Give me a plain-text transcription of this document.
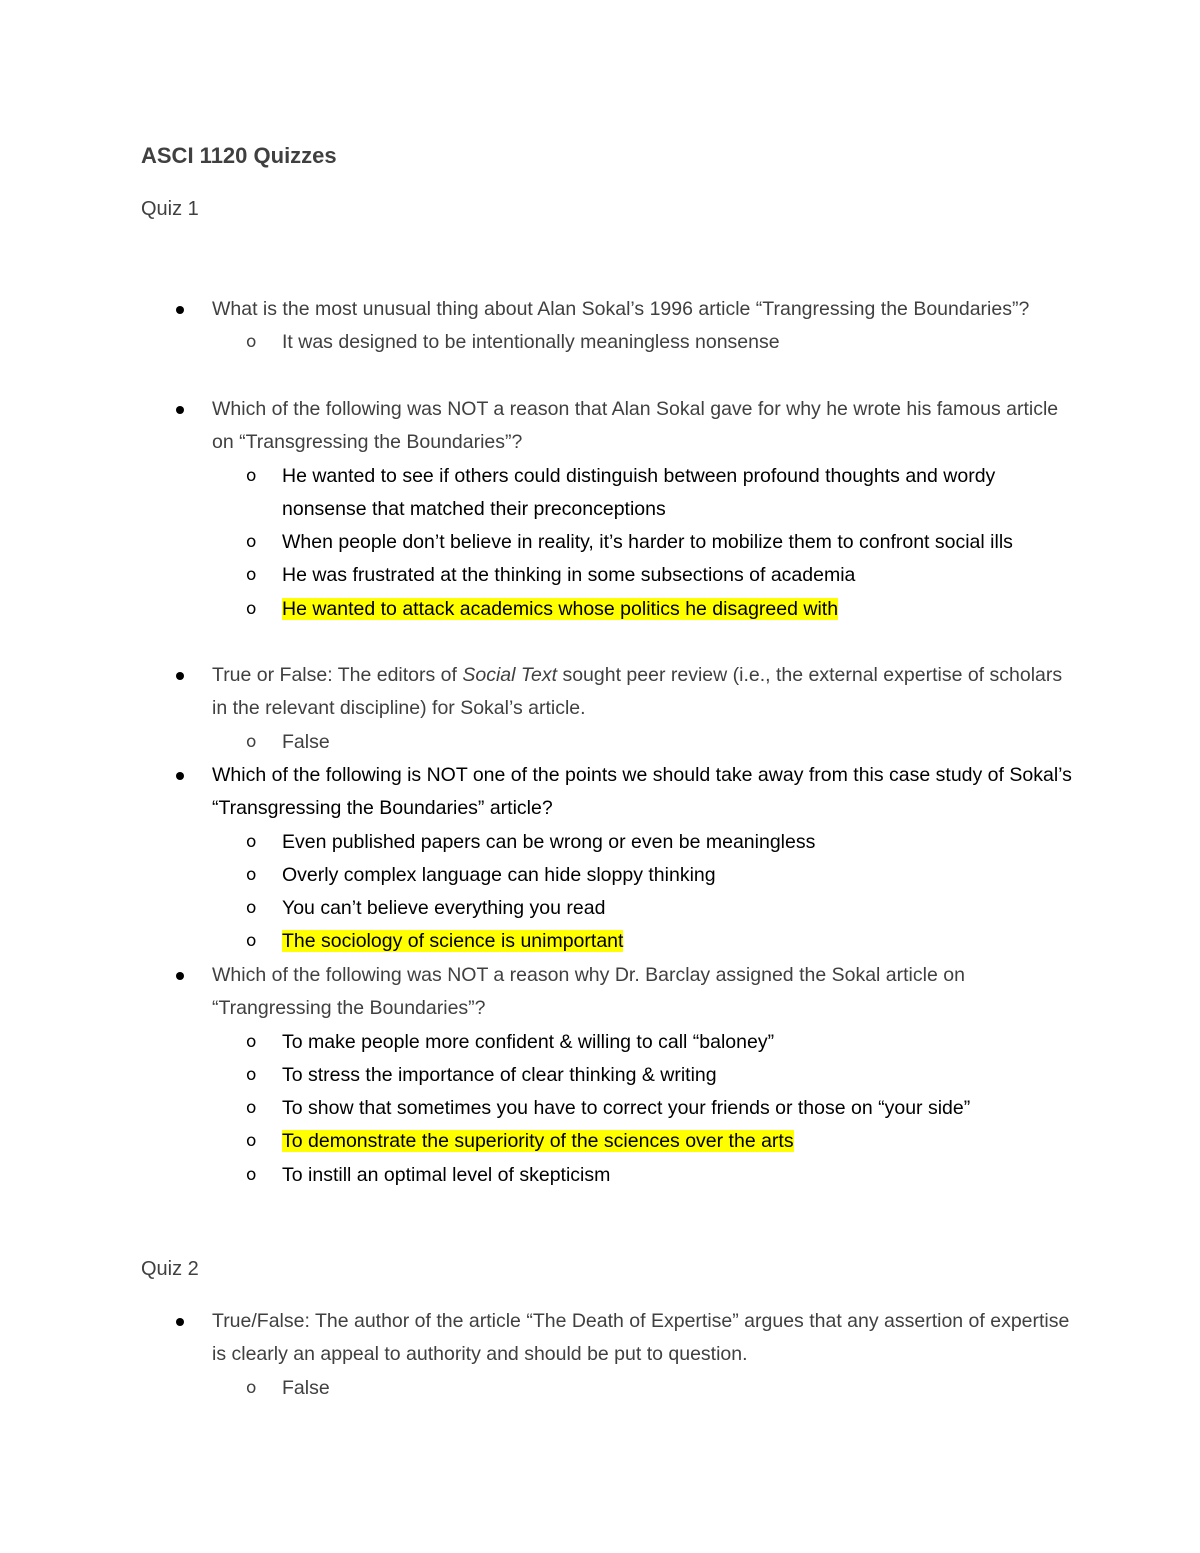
ASCI 1120 Quizzes
Quiz 1
What is the most unusual thing about Alan Sokal’s 1996 article “Trangressing the Boundaries”?
o It was designed to be intentionally meaningless nonsense
Which of the following was NOT a reason that Alan Sokal gave for why he wrote his famous article on “Transgressing the Boundaries”?
o He wanted to see if others could distinguish between profound thoughts and wordy nonsense that matched their preconceptions
o When people don’t believe in reality, it’s harder to mobilize them to confront social ills
o He was frustrated at the thinking in some subsections of academia
o He wanted to attack academics whose politics he disagreed with
True or False: The editors of Social Text sought peer review (i.e., the external expertise of scholars in the relevant discipline) for Sokal’s article.
o False
Which of the following is NOT one of the points we should take away from this case study of Sokal’s “Transgressing the Boundaries” article?
o Even published papers can be wrong or even be meaningless
o Overly complex language can hide sloppy thinking
o You can’t believe everything you read
o The sociology of science is unimportant
Which of the following was NOT a reason why Dr. Barclay assigned the Sokal article on “Trangressing the Boundaries”?
o To make people more confident & willing to call “baloney”
o To stress the importance of clear thinking & writing
o To show that sometimes you have to correct your friends or those on “your side”
o To demonstrate the superiority of the sciences over the arts
o To instill an optimal level of skepticism
Quiz 2
True/False: The author of the article “The Death of Expertise” argues that any assertion of expertise is clearly an appeal to authority and should be put to question.
o False
